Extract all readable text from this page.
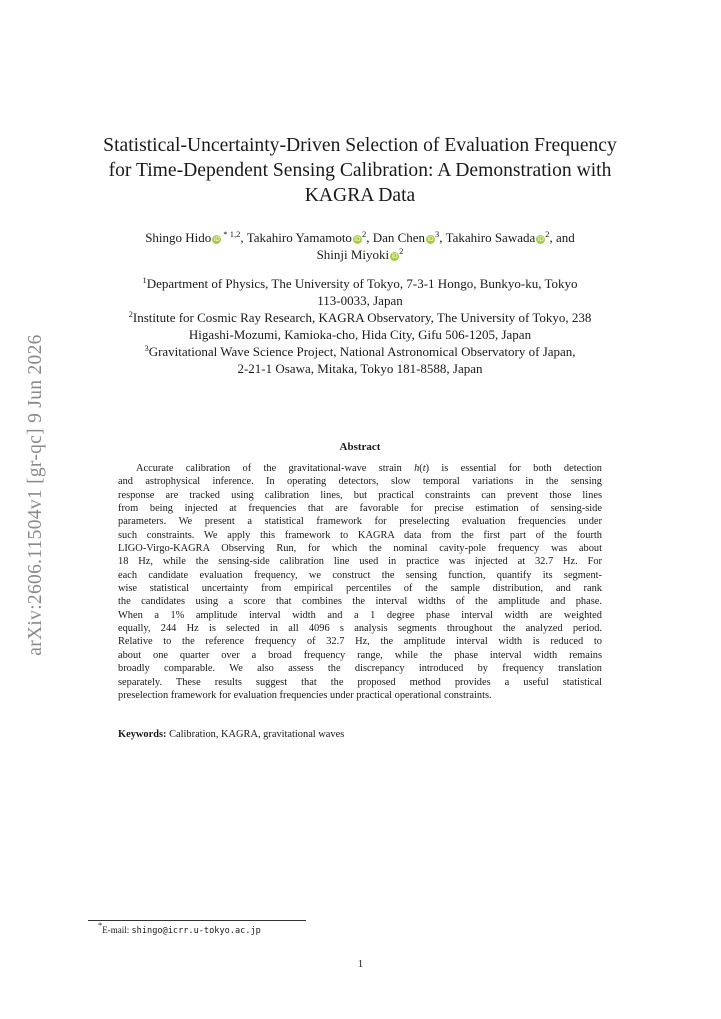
arXiv:2606.11504v1 [gr-qc] 9 Jun 2026
Statistical-Uncertainty-Driven Selection of Evaluation Frequency
for Time-Dependent Sensing Calibration: A Demonstration with
KAGRA Data
Shingo Hido iD $^{* 1,2}$, Takahiro Yamamoto $iD^2$, Dan Chen $iD^3$, Takahiro Sawada $iD^2$, and
Shinji Miyoki $iD^2$
$^1$Department of Physics, The University of Tokyo, 7-3-1 Hongo, Bunkyo-ku, Tokyo
113-0033, Japan
$^2$Institute for Cosmic Ray Research, KAGRA Observatory, The University of Tokyo, 238
Higashi-Mozumi, Kamioka-cho, Hida City, Gifu 506-1205, Japan
$^3$Gravitational Wave Science Project, National Astronomical Observatory of Japan,
2-21-1 Osawa, Mitaka, Tokyo 181-8588, Japan
Abstract
Accurate calibration of the gravitational-wave strain h(t) is essential for both detection
and astrophysical inference. In operating detectors, slow temporal variations in the sensing
response are tracked using calibration lines, but practical constraints can prevent those lines
from being injected at frequencies that are favorable for precise estimation of sensing-side
parameters. We present a statistical framework for preselecting evaluation frequencies under
such constraints. We apply this framework to KAGRA data from the first part of the fourth
LIGO-Virgo-KAGRA Observing Run, for which the nominal cavity-pole frequency was about
18 Hz, while the sensing-side calibration line used in practice was injected at 32.7 Hz. For
each candidate evaluation frequency, we construct the sensing function, quantify its segment-
wise statistical uncertainty from empirical percentiles of the sample distribution, and rank
the candidates using a score that combines the interval widths of the amplitude and phase.
When a 1% amplitude interval width and a 1 degree phase interval width are weighted
equally, 244 Hz is selected in all 4096 s analysis segments throughout the analyzed period.
Relative to the reference frequency of 32.7 Hz, the amplitude interval width is reduced to
about one quarter over a broad frequency range, while the phase interval width remains
broadly comparable. We also assess the discrepancy introduced by frequency translation
separately. These results suggest that the proposed method provides a useful statistical
preselection framework for evaluation frequencies under practical operational constraints.
Keywords: Calibration, KAGRA, gravitational waves
*E-mail: shingo@icrr.u-tokyo.ac.jp
1
